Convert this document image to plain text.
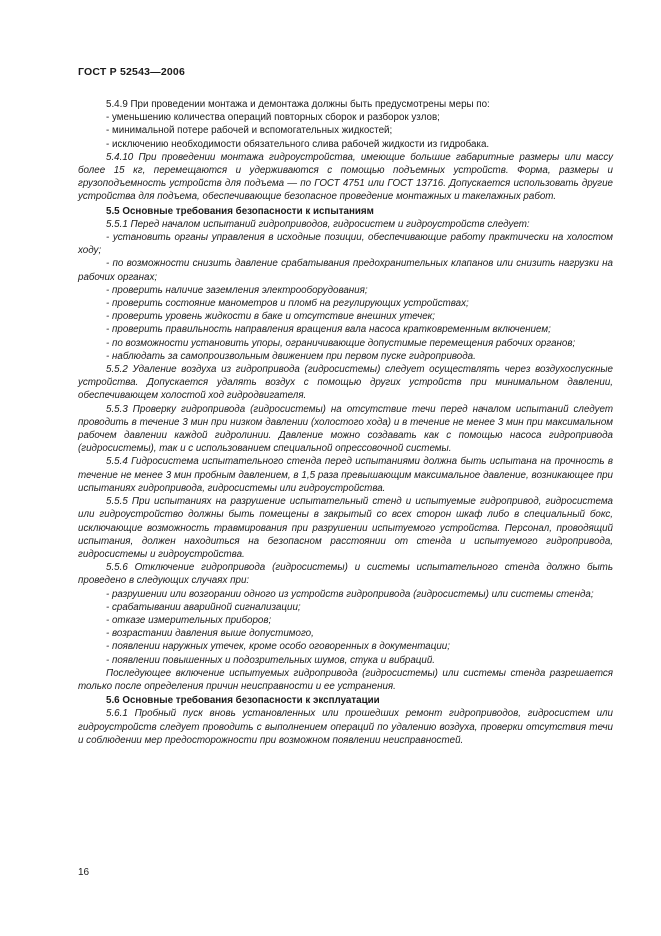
ГОСТ Р 52543—2006

5.4.9 При проведении монтажа и демонтажа должны быть предусмотрены меры по:

- уменьшению количества операций повторных сборок и разборок узлов;

- минимальной потере рабочей и вспомогательных жидкостей;

- исключению необходимости обязательного слива рабочей жидкости из гидробака.

5.4.10 При проведении монтажа гидроустройства, имеющие большие габаритные размеры или массу более 15 кг, перемещаются и удерживаются с помощью подъемных устройств. Форма, размеры и грузоподъемность устройств для подъема — по ГОСТ 4751 или ГОСТ 13716. Допускается использовать другие устройства для подъема, обеспечивающие безопасное проведение монтажных и такелажных работ.

5.5 Основные требования безопасности к испытаниям

5.5.1 Перед началом испытаний гидроприводов, гидросистем и гидроустройств следует:

- установить органы управления в исходные позиции, обеспечивающие работу практически на холостом ходу;

- по возможности снизить давление срабатывания предохранительных клапанов или снизить нагрузки на рабочих органах;

- проверить наличие заземления электрооборудования;

- проверить состояние манометров и пломб на регулирующих устройствах;

- проверить уровень жидкости в баке и отсутствие внешних утечек;

- проверить правильность направления вращения вала насоса кратковременным включением;

- по возможности установить упоры, ограничивающие допустимые перемещения рабочих органов;

- наблюдать за самопроизвольным движением при первом пуске гидропривода.

5.5.2 Удаление воздуха из гидропривода (гидросистемы) следует осуществлять через воздухоспускные устройства. Допускается удалять воздух с помощью других устройств при минимальном давлении, обеспечивающем холостой ход гидродвигателя.

5.5.3 Проверку гидропривода (гидросистемы) на отсутствие течи перед началом испытаний следует проводить в течение 3 мин при низком давлении (холостого хода) и в течение не менее 3 мин при максимальном рабочем давлении каждой гидролинии. Давление можно создавать как с помощью насоса гидропривода (гидросистемы), так и с использованием специальной опрессовочной системы.

5.5.4 Гидросистема испытательного стенда перед испытаниями должна быть испытана на прочность в течение не менее 3 мин пробным давлением, в 1,5 раза превышающим максимальное давление, возникающее при испытаниях гидропривода, гидросистемы или гидроустройства.

5.5.5 При испытаниях на разрушение испытательный стенд и испытуемые гидропривод, гидросистема или гидроустройство должны быть помещены в закрытый со всех сторон шкаф либо в специальный бокс, исключающие возможность травмирования при разрушении испытуемого устройства. Персонал, проводящий испытания, должен находиться на безопасном расстоянии от стенда и испытуемого гидропривода, гидросистемы и гидроустройства.

5.5.6 Отключение гидропривода (гидросистемы) и системы испытательного стенда должно быть проведено в следующих случаях при:

- разрушении или возгорании одного из устройств гидропривода (гидросистемы) или системы стенда;

- срабатывании аварийной сигнализации;

- отказе измерительных приборов;

- возрастании давления выше допустимого,

- появлении наружных утечек, кроме особо оговоренных в документации;

- появлении повышенных и подозрительных шумов, стука и вибраций.

Последующее включение испытуемых гидропривода (гидросистемы) или системы стенда разрешается только после определения причин неисправности и ее устранения.

5.6 Основные требования безопасности к эксплуатации

5.6.1 Пробный пуск вновь установленных или прошедших ремонт гидроприводов, гидросистем или гидроустройств следует проводить с выполнением операций по удалению воздуха, проверки отсутствия течи и соблюдении мер предосторожности при возможном появлении неисправностей.

16
